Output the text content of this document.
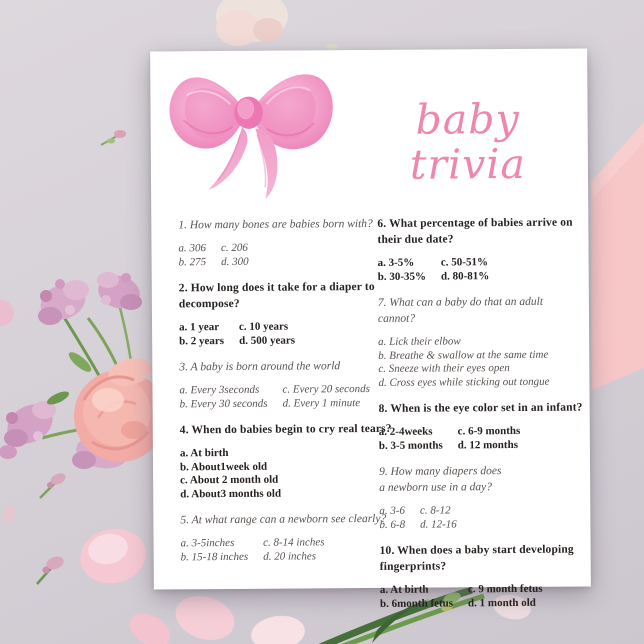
baby trivia
1. How many bones are babies born with?
a. 306 c. 206
b. 275 d. 300
2. How long does it take for a diaper to decompose?
a. 1 year	c. 10 years
b. 2 years d. 500 years
3. A baby is born around the world
a. Every 3seconds	c. Every 20 seconds
b. Every 30 seconds d. Every 1 minute
4. When do babies begin to cry real tears?
a. At birth
b. About1week old
c. About 2 month old
d. About3 months old
5. At what range can a newborn see clearly?
a. 3-5inches	c. 8-14 inches
b. 15-18 inches d. 20 inches
6. What percentage of babies arrive on their due date?
a. 3-5%	c. 50-51%
b. 30-35% d. 80-81%
7. What can a baby do that an adult cannot?
a. Lick their elbow
b. Breathe & swallow at the same time
c. Sneeze with their eyes open
d. Cross eyes while sticking out tongue
8. When is the eye color set in an infant?
a. 2-4weeks	c. 6-9 months
b. 3-5 months d. 12 months
9. How many diapers does
a newborn use in a day?
a. 3-6 c. 8-12
b. 6-8 d. 12-16
10. When does a baby start developing fingerprints?
a. At birth	c. 9 month fetus
b. 6month fetus d. 1 month old
